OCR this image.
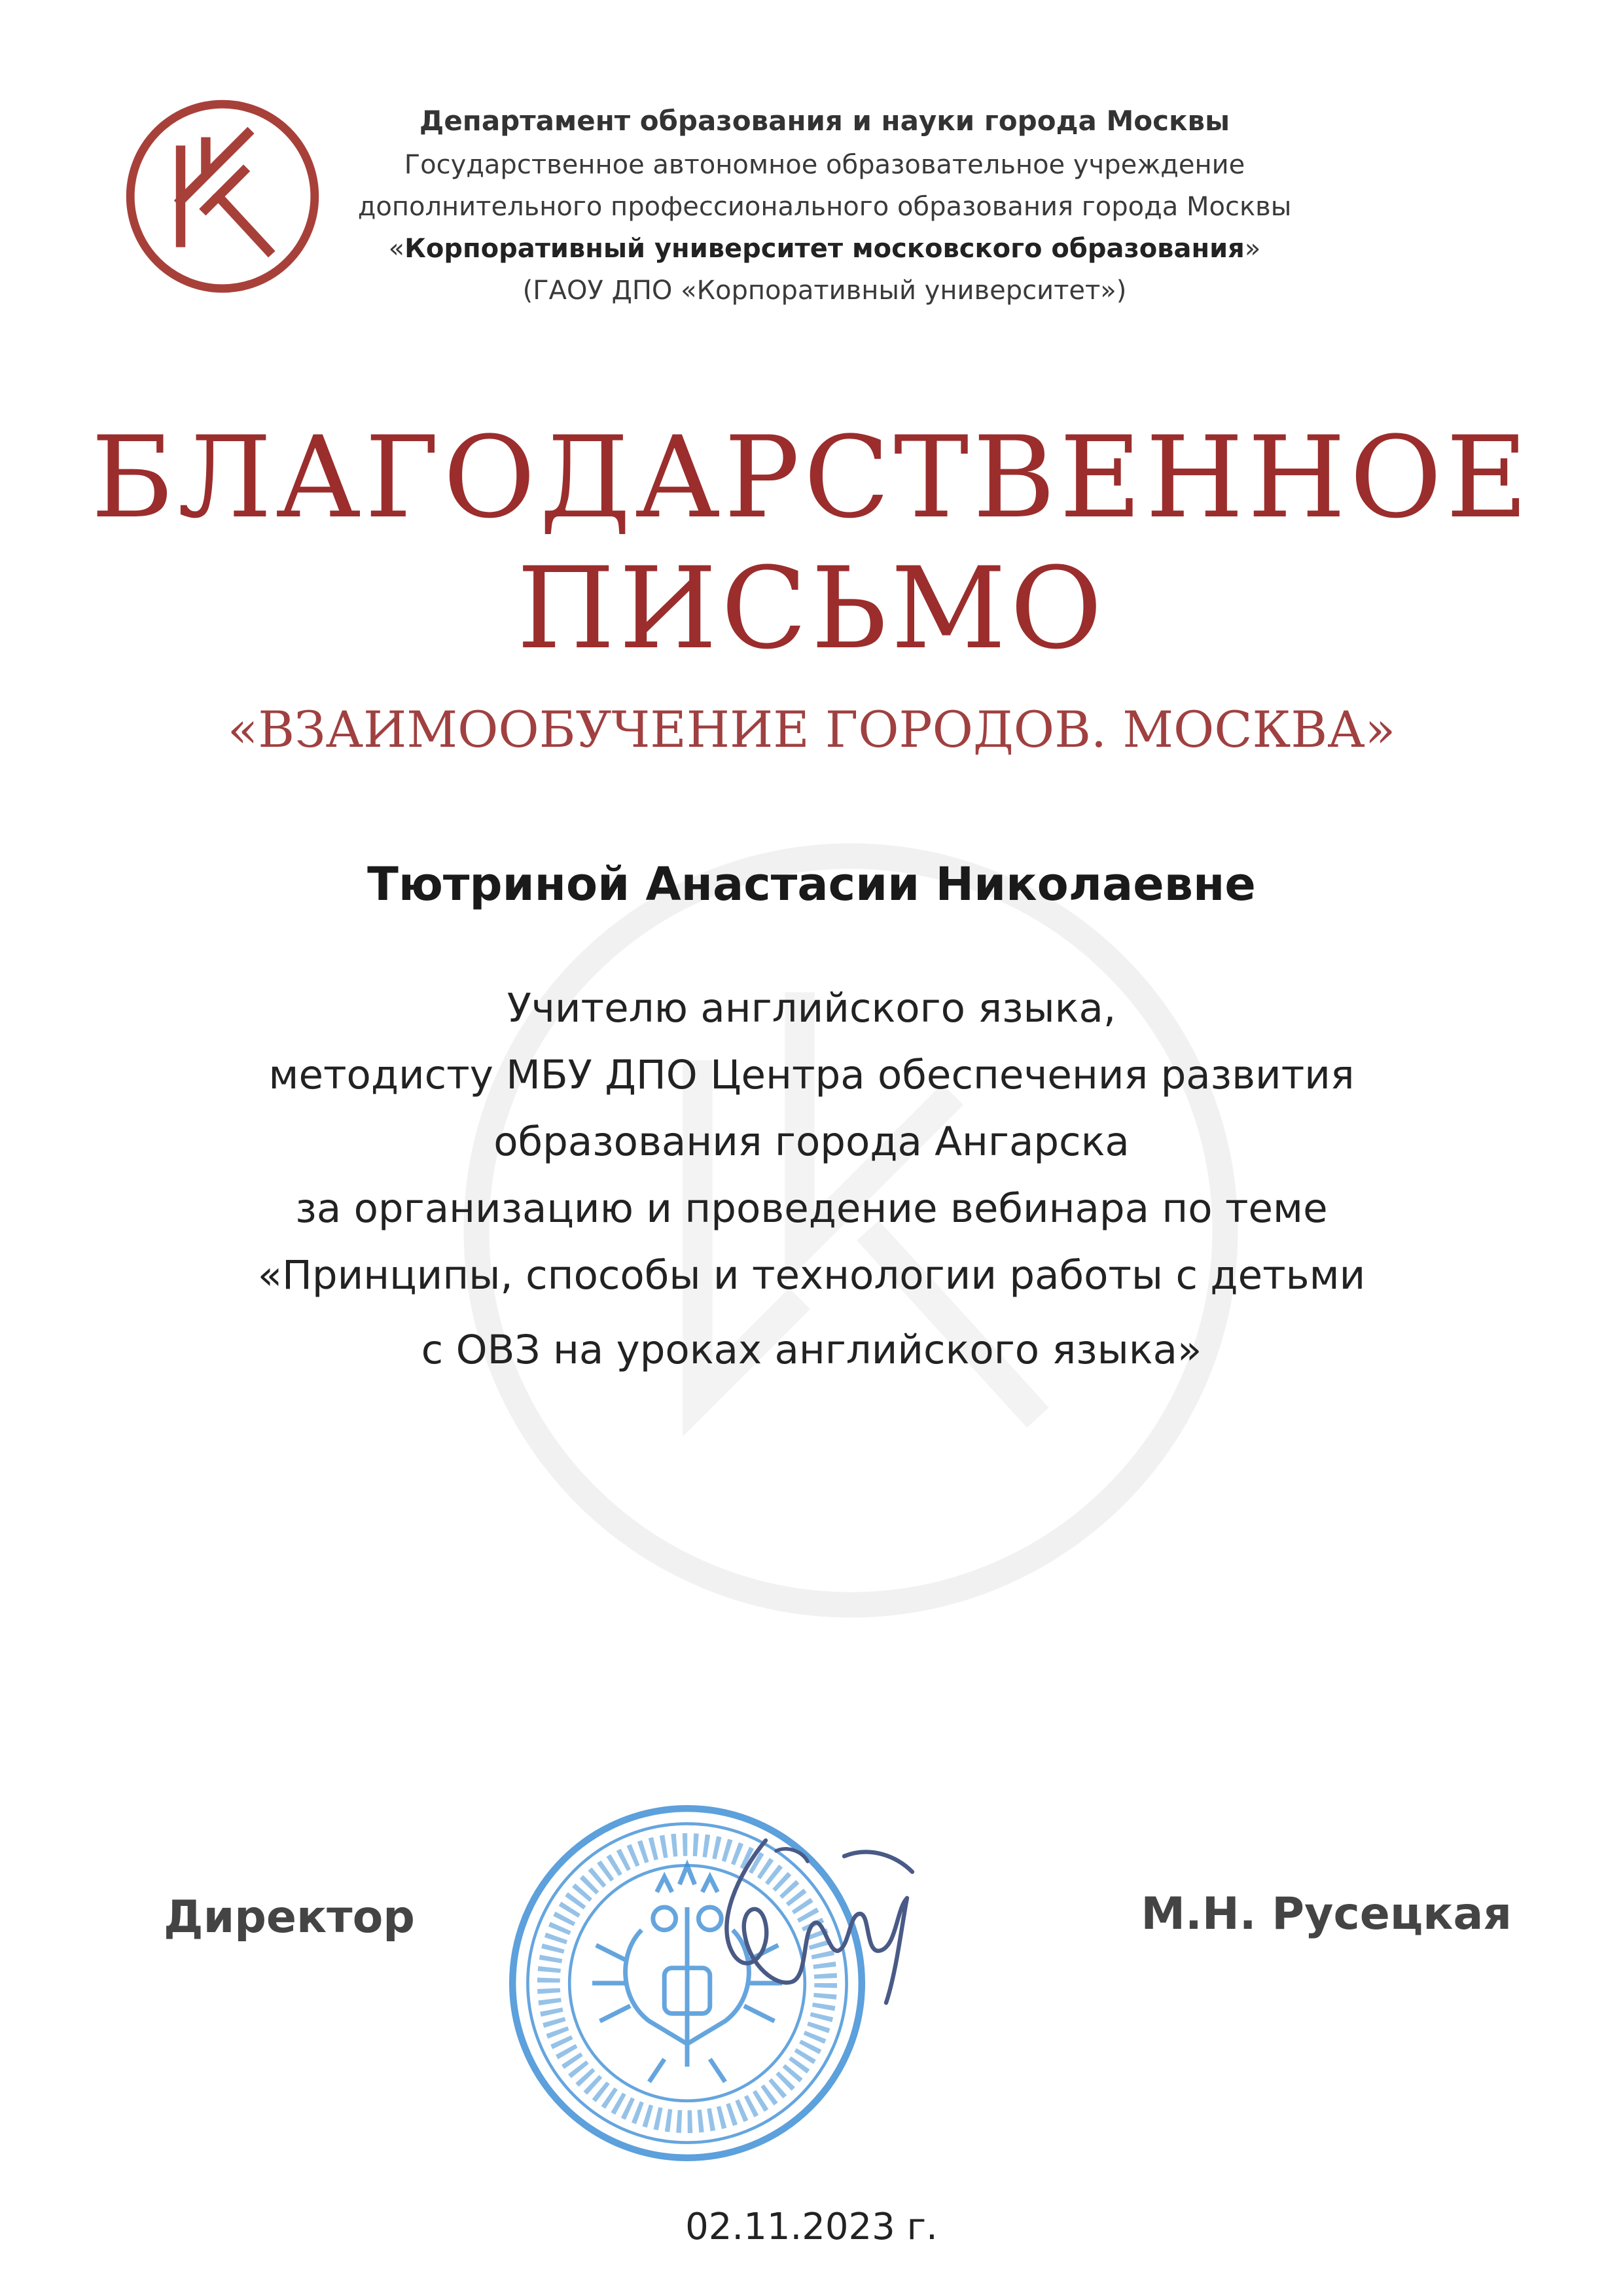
Департамент образования и науки города Москвы
Государственное автономное образовательное учреждение
дополнительного профессионального образования города Москвы
«Корпоративный университет московского образования»
(ГАОУ ДПО «Корпоративный университет»)
БЛАГОДАРСТВЕННОЕ
ПИСЬМО
«ВЗАИМООБУЧЕНИЕ ГОРОДОВ. МОСКВА»
Тютриной Анастасии Николаевне
Учителю английского языка,
методисту МБУ ДПО Центра обеспечения развития
образования города Ангарска
за организацию и проведение вебинара по теме
«Принципы, способы и технологии работы с детьми
с ОВЗ на уроках английского языка»
Директор	М.Н. Русецкая
02.11.2023 г.
